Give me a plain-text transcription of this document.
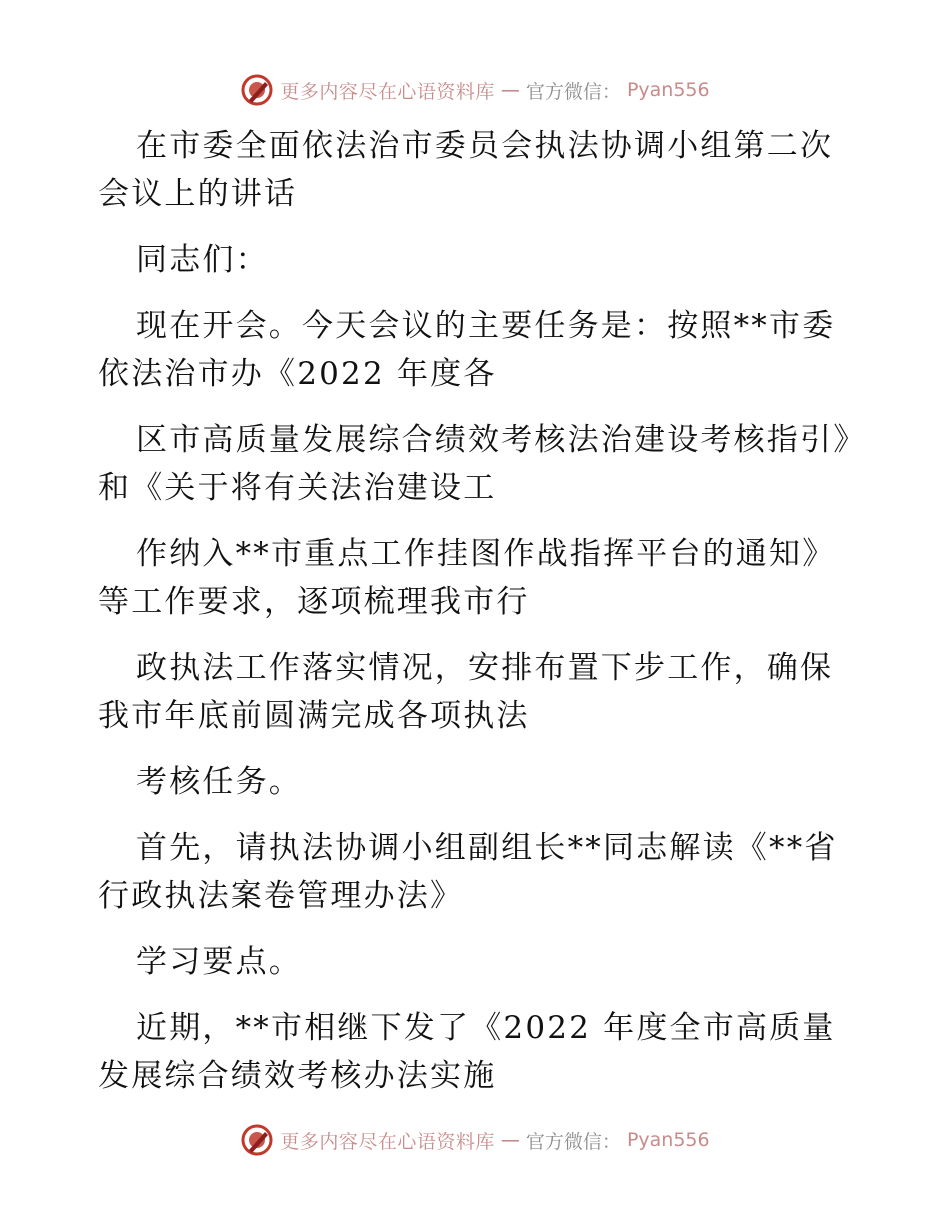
更多内容尽在心语资料库 — 官方微信： Pyan556

在市委全面依法治市委员会执法协调小组第二次会议上的讲话

同志们：

现在开会。今天会议的主要任务是：按照**市委依法治市办《2022 年度各

区市高质量发展综合绩效考核法治建设考核指引》和《关于将有关法治建设工

作纳入**市重点工作挂图作战指挥平台的通知》等工作要求，逐项梳理我市行

政执法工作落实情况，安排布置下步工作，确保我市年底前圆满完成各项执法

考核任务。

首先，请执法协调小组副组长**同志解读《**省行政执法案卷管理办法》

学习要点。

近期，**市相继下发了《2022 年度全市高质量发展综合绩效考核办法实施

更多内容尽在心语资料库 — 官方微信： Pyan556
